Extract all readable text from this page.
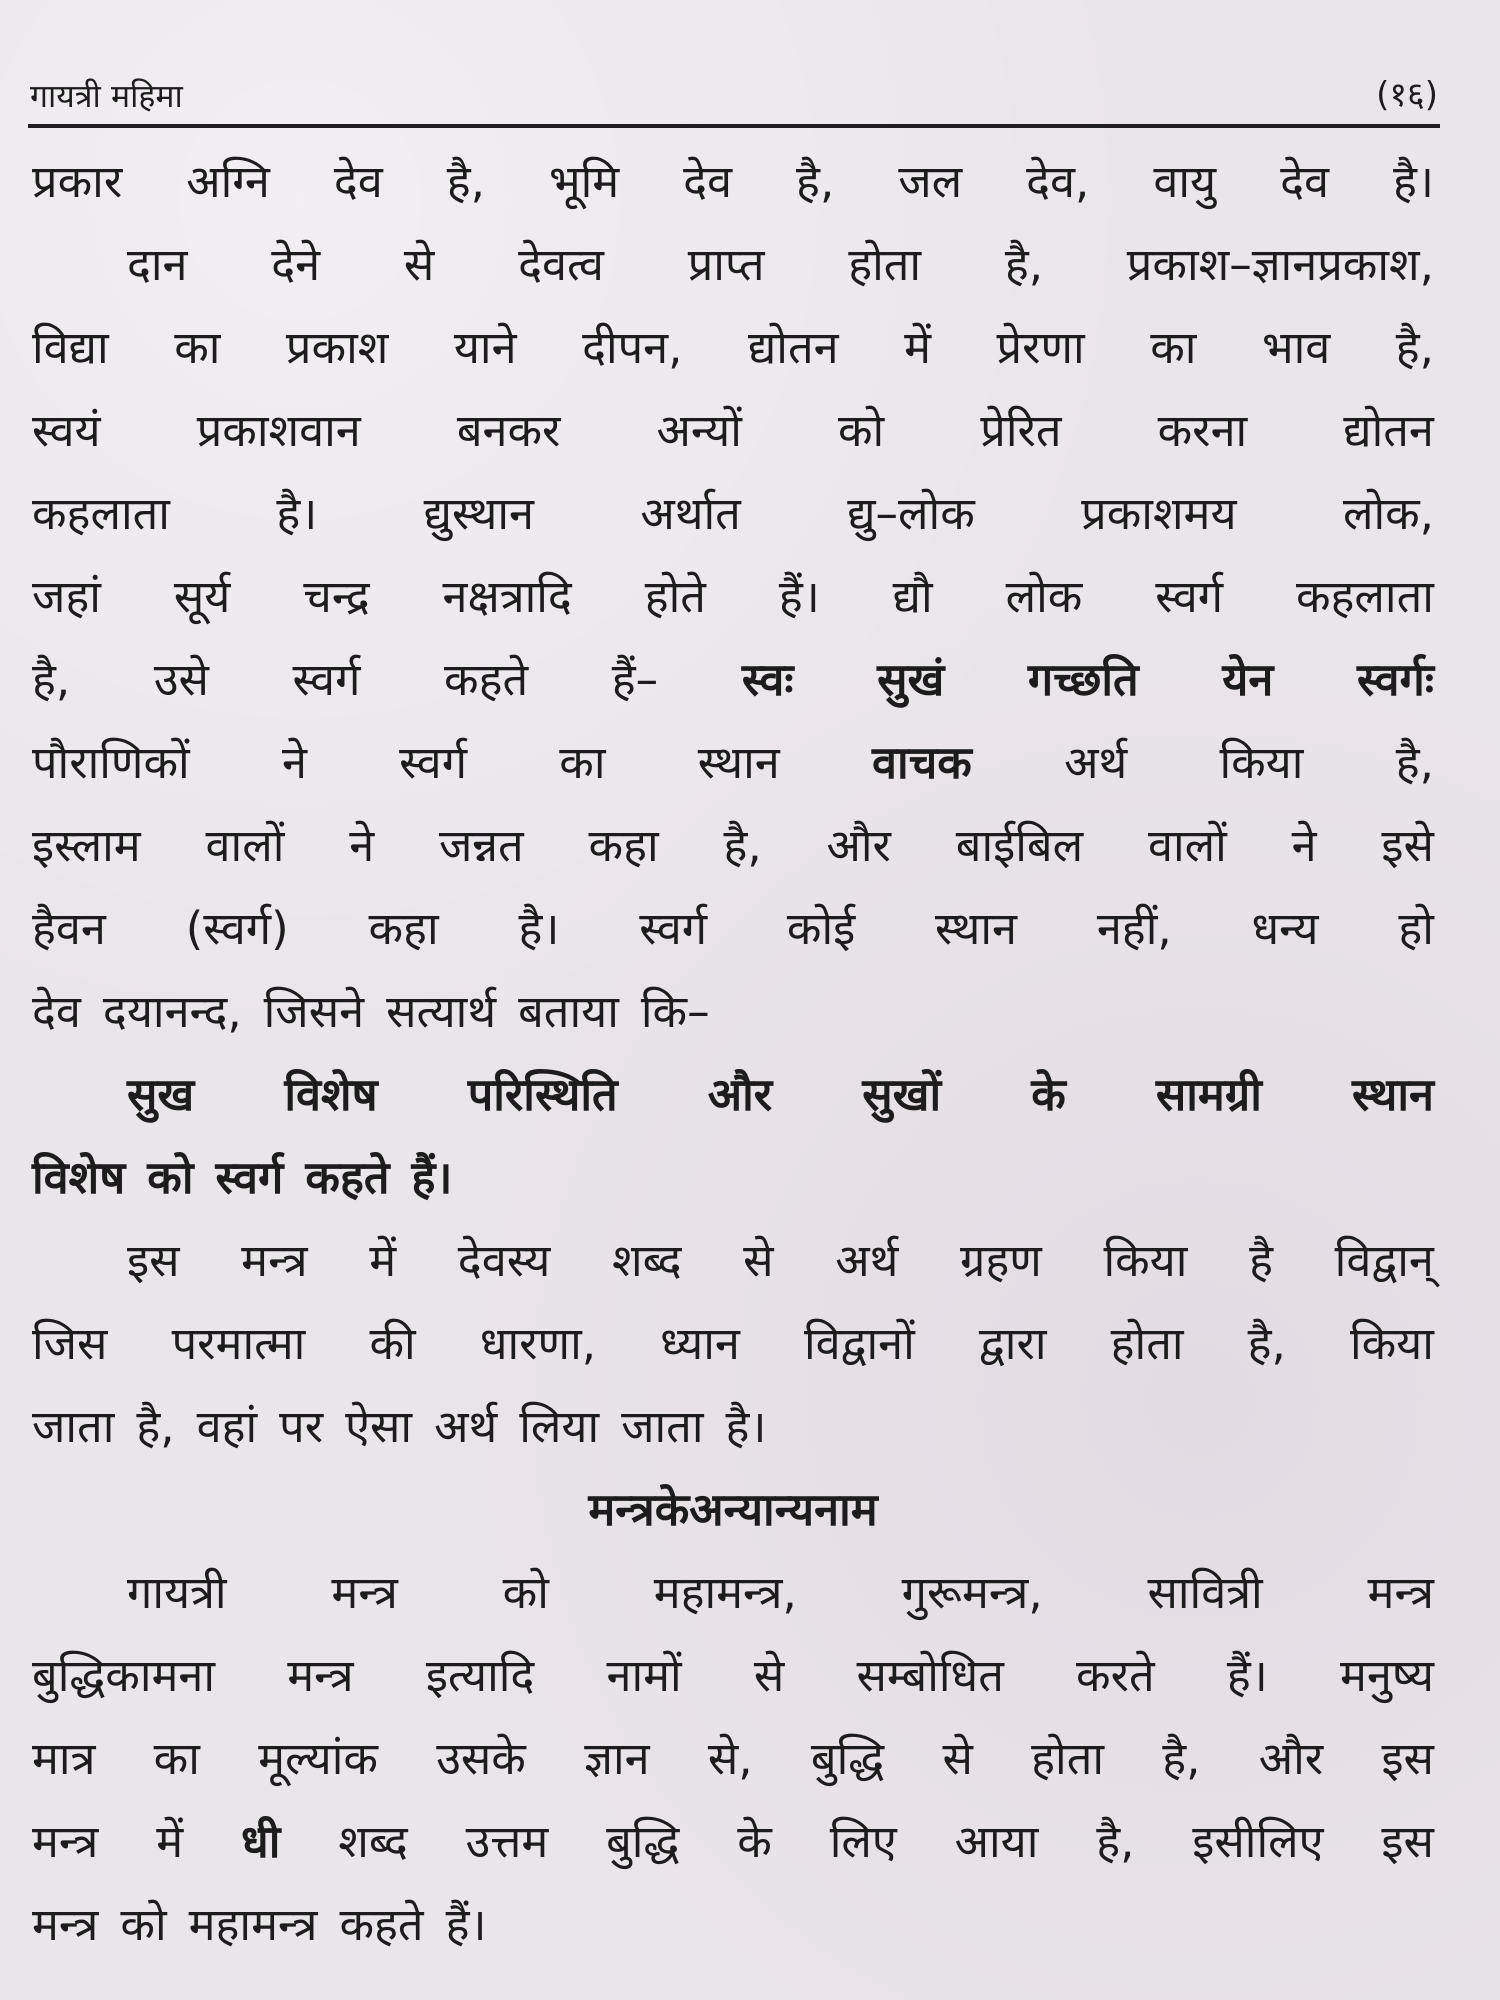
गायत्री महिमा	(१६)
प्रकार अग्नि देव है, भूमि देव है, जल देव, वायु देव है।
दान देने से देवत्व प्राप्त होता है, प्रकाश–ज्ञानप्रकाश,
विद्या का प्रकाश याने दीपन, द्योतन में प्रेरणा का भाव है,
स्वयं प्रकाशवान बनकर अन्यों को प्रेरित करना द्योतन
कहलाता है। द्युस्थान अर्थात द्यु–लोक प्रकाशमय लोक,
जहां सूर्य चन्द्र नक्षत्रादि होते हैं। द्यौ लोक स्वर्ग कहलाता
है, उसे स्वर्ग कहते हैं– स्वः सुखं गच्छति येन स्वर्गः
पौराणिकों ने स्वर्ग का स्थान वाचक अर्थ किया है,
इस्लाम वालों ने जन्नत कहा है, और बाईबिल वालों ने इसे
हैवन (स्वर्ग) कहा है। स्वर्ग कोई स्थान नहीं, धन्य हो
देव दयानन्द, जिसने सत्यार्थ बताया कि–
सुख विशेष परिस्थिति और सुखों के सामग्री स्थान
विशेष को स्वर्ग कहते हैं।
इस मन्त्र में देवस्य शब्द से अर्थ ग्रहण किया है विद्वान्
जिस परमात्मा की धारणा, ध्यान विद्वानों द्वारा होता है, किया
जाता है, वहां पर ऐसा अर्थ लिया जाता है।
मन्त्र के अन्यान्य नाम
गायत्री मन्त्र को महामन्त्र, गुरूमन्त्र, सावित्री मन्त्र
बुद्धिकामना मन्त्र इत्यादि नामों से सम्बोधित करते हैं। मनुष्य
मात्र का मूल्यांक उसके ज्ञान से, बुद्धि से होता है, और इस
मन्त्र में धी शब्द उत्तम बुद्धि के लिए आया है, इसीलिए इस
मन्त्र को महामन्त्र कहते हैं।
